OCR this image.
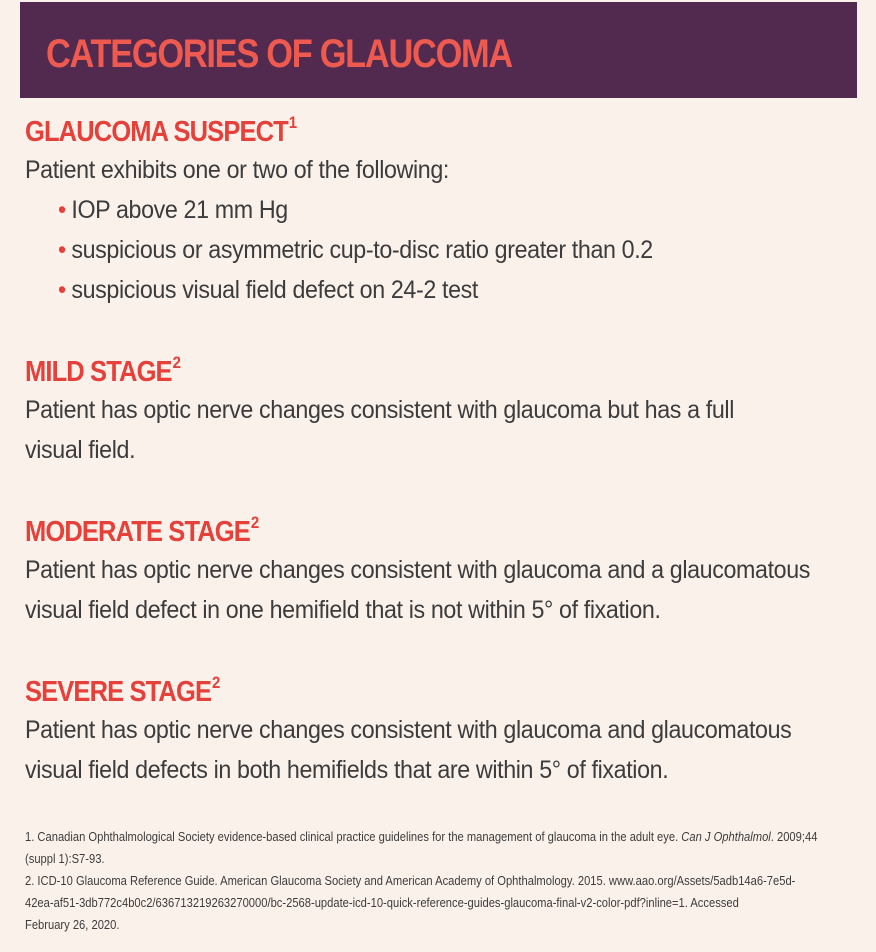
CATEGORIES OF GLAUCOMA
GLAUCOMA SUSPECT$^1$

Patient exhibits one or two of the following:

• IOP above 21 mm Hg
• suspicious or asymmetric cup-to-disc ratio greater than 0.2
• suspicious visual field defect on 24-2 test
MILD STAGE$^2$

Patient has optic nerve changes consistent with glaucoma but has a full

visual field.

MODERATE STAGE$^2$

Patient has optic nerve changes consistent with glaucoma and a glaucomatous

visual field defect in one hemifield that is not within 5° of fixation.

SEVERE STAGE$^2$

Patient has optic nerve changes consistent with glaucoma and glaucomatous

visual field defects in both hemifields that are within 5° of fixation.

1. Canadian Ophthalmological Society evidence-based clinical practice guidelines for the management of glaucoma in the adult eye. Can J Ophthalmol. 2009;44

(suppl 1):S7-93.

2. ICD-10 Glaucoma Reference Guide. American Glaucoma Society and American Academy of Ophthalmology. 2015. www.aao.org/Assets/5adb14a6-7e5d-

42ea-af51-3db772c4b0c2/636713219263270000/bc-2568-update-icd-10-quick-reference-guides-glaucoma-final-v2-color-pdf?inline=1. Accessed

February 26, 2020.
